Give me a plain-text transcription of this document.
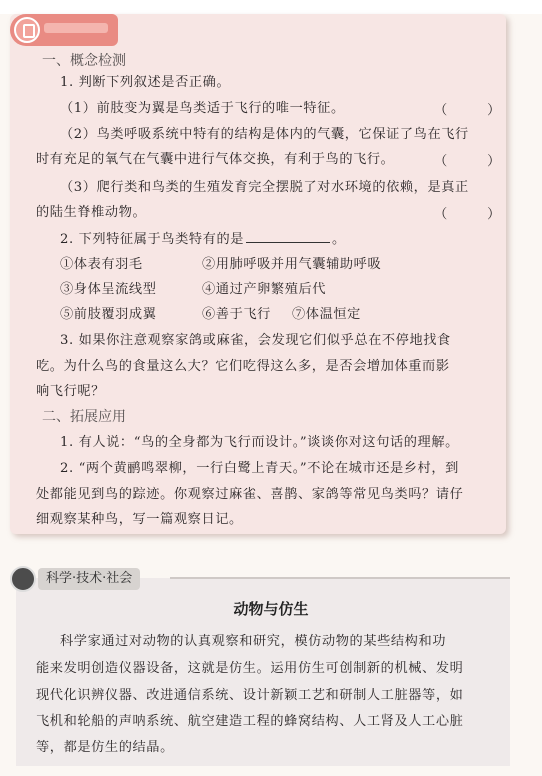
一、概念检测
1. 判断下列叙述是否正确。
（1）前肢变为翼是鸟类适于飞行的唯一特征。	（）
（2）鸟类呼吸系统中特有的结构是体内的气囊，它保证了鸟在飞行
时有充足的氧气在气囊中进行气体交换，有利于鸟的飞行。	（）
（3）爬行类和鸟类的生殖发育完全摆脱了对水环境的依赖，是真正
的陆生脊椎动物。	（）
2. 下列特征属于鸟类特有的是	。
①体表有羽毛	②用肺呼吸并用气囊辅助呼吸
③身体呈流线型	④通过产卵繁殖后代
⑤前肢覆羽成翼	⑥善于飞行 ⑦体温恒定
3. 如果你注意观察家鸽或麻雀，会发现它们似乎总在不停地找食
吃。为什么鸟的食量这么大？它们吃得这么多，是否会增加体重而影
响飞行呢？
二、拓展应用
1. 有人说：“鸟的全身都为飞行而设计。”谈谈你对这句话的理解。
2. “两个黄鹂鸣翠柳，一行白鹭上青天。”不论在城市还是乡村，到
处都能见到鸟的踪迹。你观察过麻雀、喜鹊、家鸽等常见鸟类吗？请仔
细观察某种鸟，写一篇观察日记。
科学·技术·社会
动物与仿生
科学家通过对动物的认真观察和研究，模仿动物的某些结构和功
能来发明创造仪器设备，这就是仿生。运用仿生可创制新的机械、发明
现代化识辨仪器、改进通信系统、设计新颖工艺和研制人工脏器等，如
飞机和轮船的声呐系统、航空建造工程的蜂窝结构、人工肾及人工心脏
等，都是仿生的结晶。
